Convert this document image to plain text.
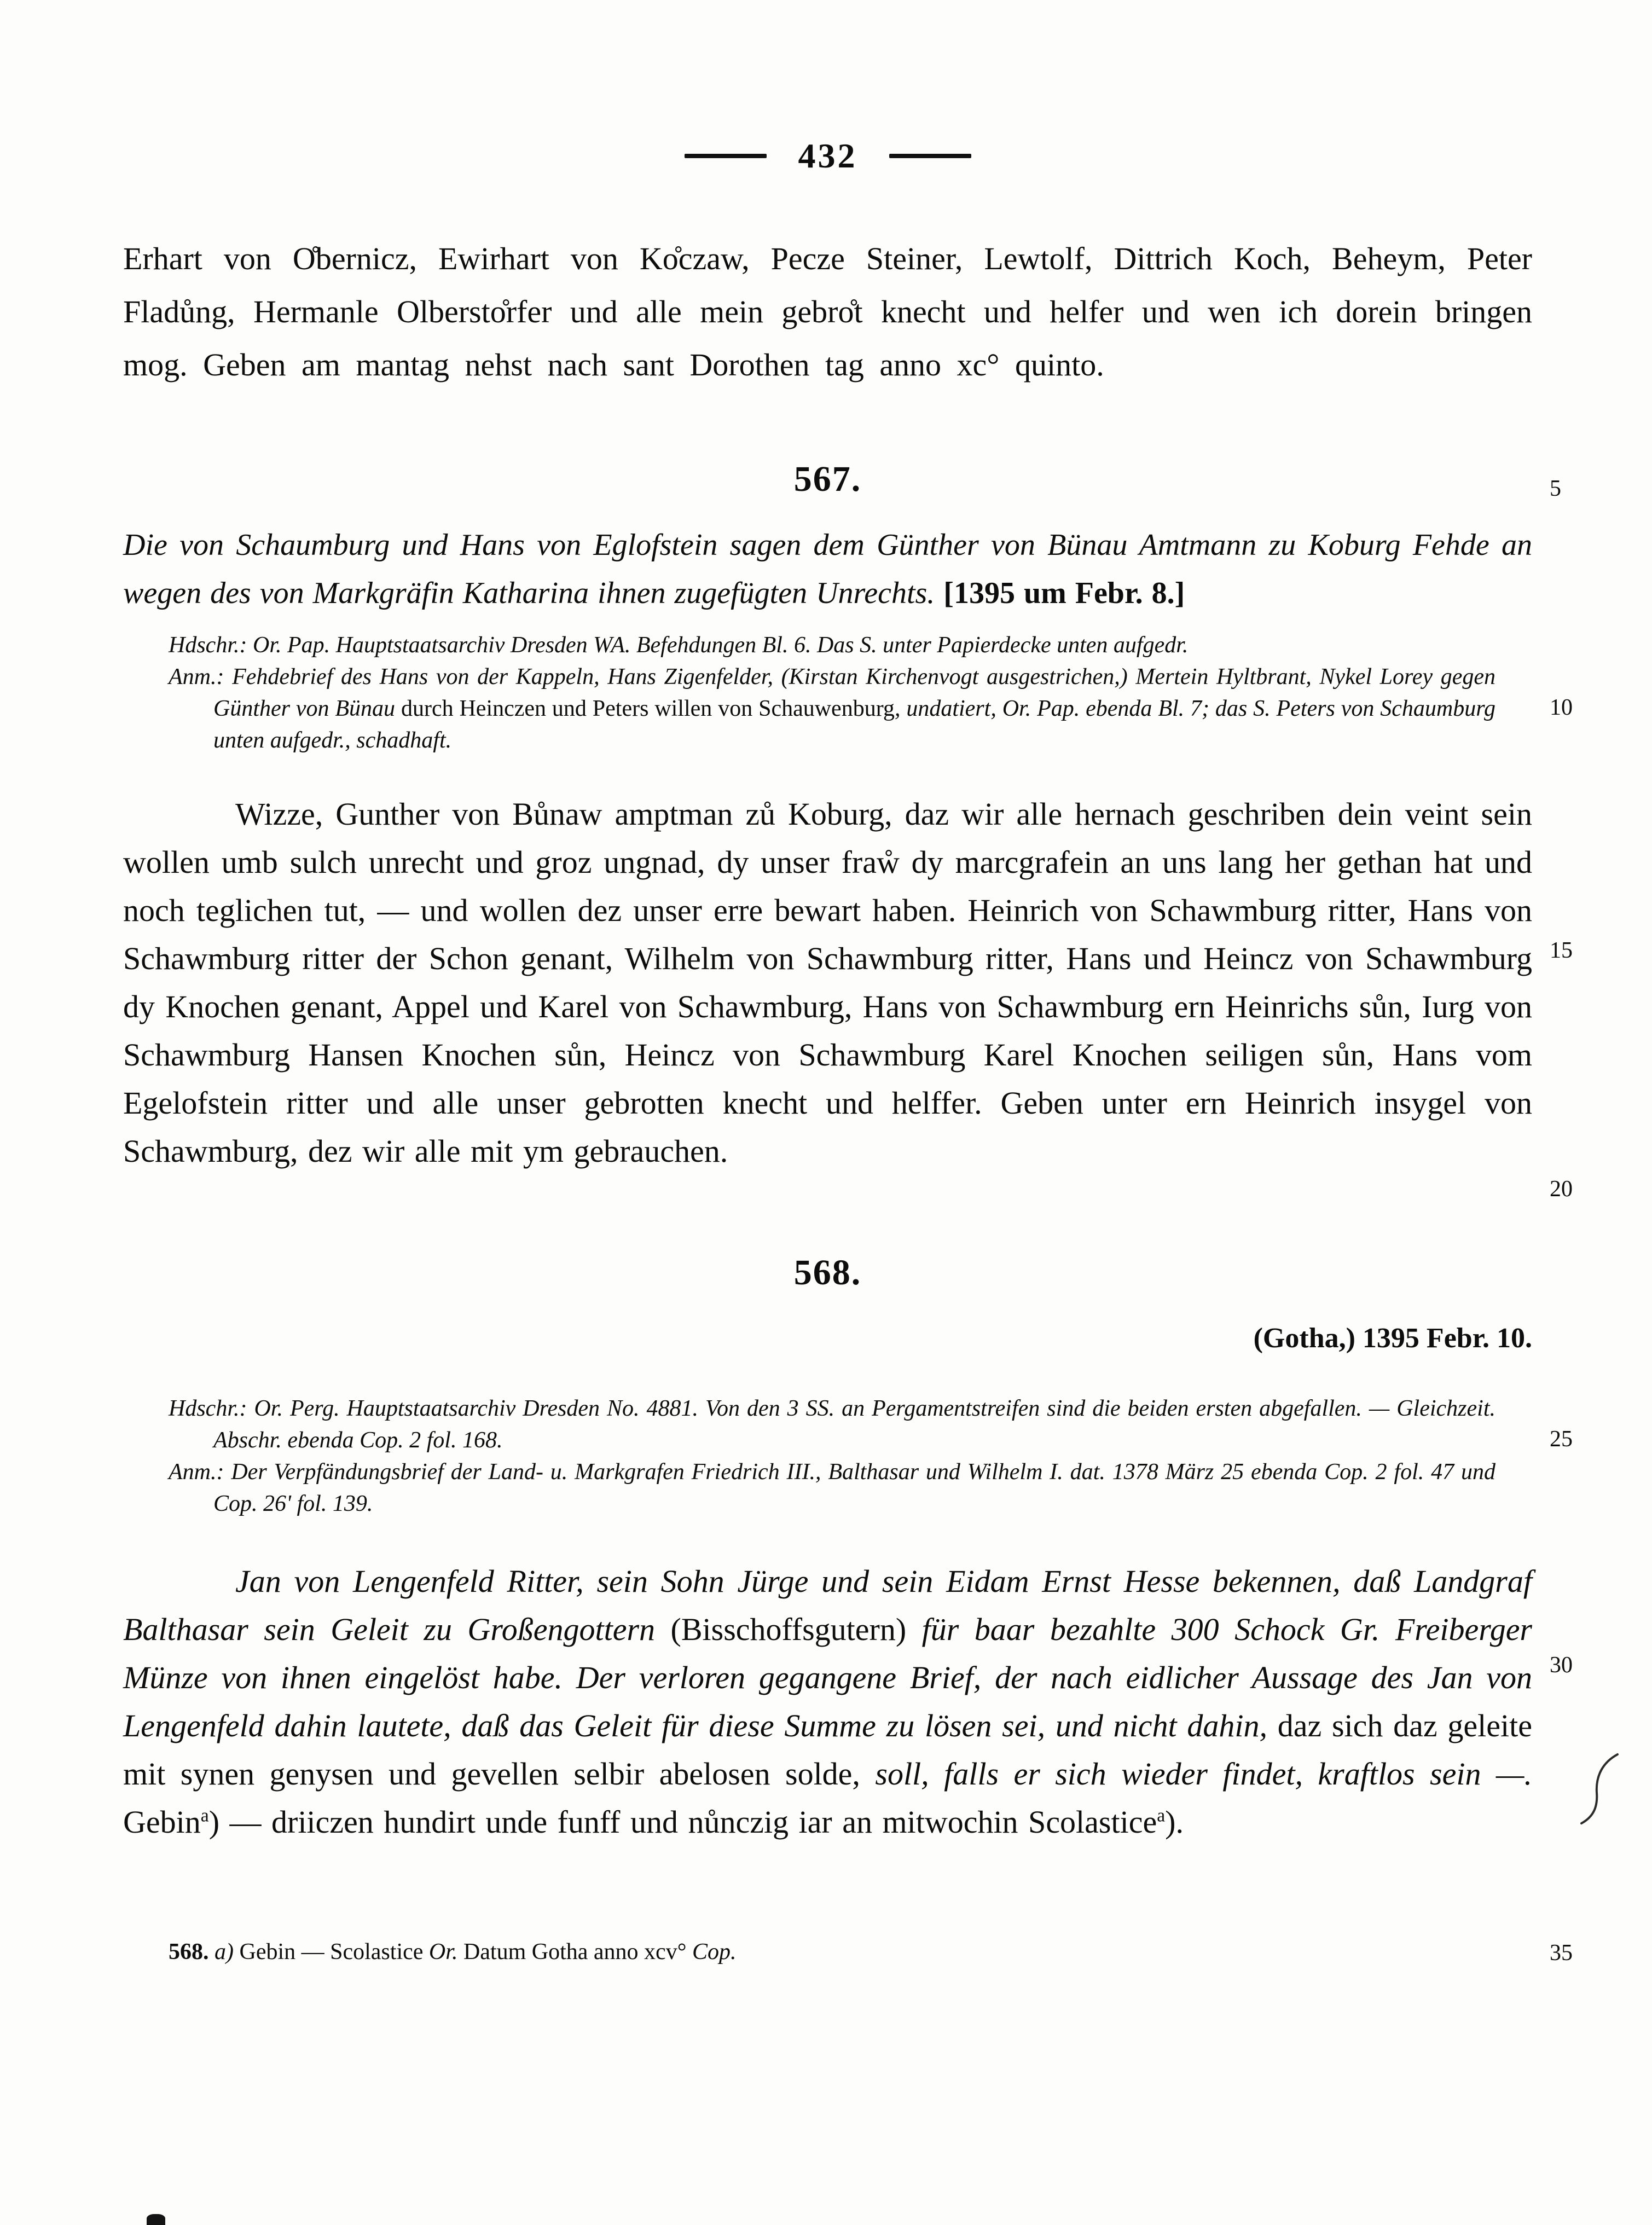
432
Erhart von O̊bernicz, Ewirhart von Ko̊czaw, Pecze Steiner, Lewtolf, Dittrich Koch, Beheym, Peter Fladůng, Hermanle Olbersto̊rfer und alle mein gebro̊t knecht und helfer und wen ich dorein bringen mog. Geben am mantag nehst nach sant Dorothen tag anno xc° quinto.
567.
Die von Schaumburg und Hans von Eglofstein sagen dem Günther von Bünau Amtmann zu Koburg Fehde an wegen des von Markgräfin Katharina ihnen zugefügten Unrechts. [1395 um Febr. 8.]

Hdschr.: Or. Pap. Hauptstaatsarchiv Dresden WA. Befehdungen Bl. 6. Das S. unter Papierdecke unten aufgedr.

Anm.: Fehdebrief des Hans von der Kappeln, Hans Zigenfelder, (Kirstan Kirchenvogt ausgestrichen,) Mertein Hyltbrant, Nykel Lorey gegen Günther von Bünau durch Heinczen und Peters willen von Schauwenburg, undatiert, Or. Pap. ebenda Bl. 7; das S. Peters von Schaumburg unten aufgedr., schadhaft.

Wizze, Gunther von Bůnaw amptman zů Koburg, daz wir alle hernach geschriben dein veint sein wollen umb sulch unrecht und groz ungnad, dy unser fraẘ dy marcgrafein an uns lang her gethan hat und noch teglichen tut, — und wollen dez unser erre bewart haben. Heinrich von Schawmburg ritter, Hans von Schawmburg ritter der Schon genant, Wilhelm von Schawmburg ritter, Hans und Heincz von Schawmburg dy Knochen genant, Appel und Karel von Schawmburg, Hans von Schawmburg ern Heinrichs sůn, Iurg von Schawmburg Hansen Knochen sůn, Heincz von Schawmburg Karel Knochen seiligen sůn, Hans vom Egelofstein ritter und alle unser gebrotten knecht und helffer. Geben unter ern Heinrich insygel von Schawmburg, dez wir alle mit ym gebrauchen.
568.
(Gotha,) 1395 Febr. 10.

Hdschr.: Or. Perg. Hauptstaatsarchiv Dresden No. 4881. Von den 3 SS. an Pergamentstreifen sind die beiden ersten abgefallen. — Gleichzeit. Abschr. ebenda Cop. 2 fol. 168.

Anm.: Der Verpfändungsbrief der Land- u. Markgrafen Friedrich III., Balthasar und Wilhelm I. dat. 1378 März 25 ebenda Cop. 2 fol. 47 und Cop. 26' fol. 139.

Jan von Lengenfeld Ritter, sein Sohn Jürge und sein Eidam Ernst Hesse bekennen, daß Landgraf Balthasar sein Geleit zu Großengottern (Bisschoffsgutern) für baar bezahlte 300 Schock Gr. Freiberger Münze von ihnen eingelöst habe. Der verloren gegangene Brief, der nach eidlicher Aussage des Jan von Lengenfeld dahin lautete, daß das Geleit für diese Summe zu lösen sei, und nicht dahin, daz sich daz geleite mit synen genysen und gevellen selbir abelosen solde, soll, falls er sich wieder findet, kraftlos sein —. Gebin$^a$) — driiczen hundirt unde funff und nůnczig iar an mitwochin Scolastice$^a$).
568. a) Gebin — Scolastice Or. Datum Gotha anno xcv° Cop.
5
10
15
20
25
30
35
